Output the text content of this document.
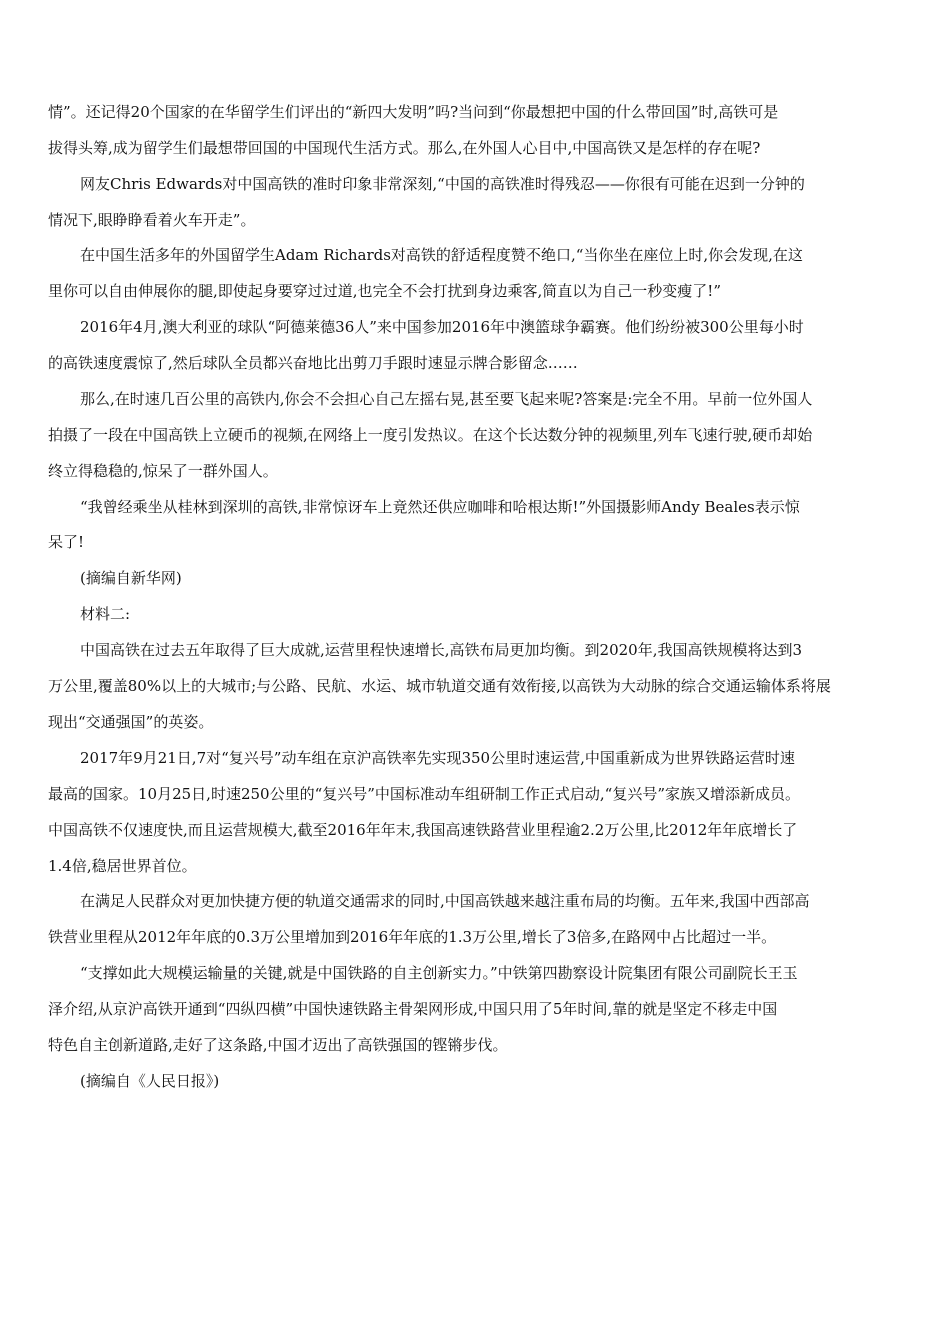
情”。还记得20个国家的在华留学生们评出的“新四大发明”吗?当问到“你最想把中国的什么带回国”时,高铁可是
拔得头筹,成为留学生们最想带回国的中国现代生活方式。那么,在外国人心目中,中国高铁又是怎样的存在呢?
网友Chris Edwards对中国高铁的准时印象非常深刻,“中国的高铁准时得残忍——你很有可能在迟到一分钟的
情况下,眼睁睁看着火车开走”。
在中国生活多年的外国留学生Adam Richards对高铁的舒适程度赞不绝口,“当你坐在座位上时,你会发现,在这
里你可以自由伸展你的腿,即使起身要穿过过道,也完全不会打扰到身边乘客,简直以为自己一秒变瘦了!”
2016年4月,澳大利亚的球队“阿德莱德36人”来中国参加2016年中澳篮球争霸赛。他们纷纷被300公里每小时
的高铁速度震惊了,然后球队全员都兴奋地比出剪刀手跟时速显示牌合影留念……
那么,在时速几百公里的高铁内,你会不会担心自己左摇右晃,甚至要飞起来呢?答案是:完全不用。早前一位外国人
拍摄了一段在中国高铁上立硬币的视频,在网络上一度引发热议。在这个长达数分钟的视频里,列车飞速行驶,硬币却始
终立得稳稳的,惊呆了一群外国人。
“我曾经乘坐从桂林到深圳的高铁,非常惊讶车上竟然还供应咖啡和哈根达斯!”外国摄影师Andy Beales表示惊
呆了!
(摘编自新华网)
材料二:
中国高铁在过去五年取得了巨大成就,运营里程快速增长,高铁布局更加均衡。到2020年,我国高铁规模将达到3
万公里,覆盖80%以上的大城市;与公路、民航、水运、城市轨道交通有效衔接,以高铁为大动脉的综合交通运输体系将展
现出“交通强国”的英姿。
2017年9月21日,7对“复兴号”动车组在京沪高铁率先实现350公里时速运营,中国重新成为世界铁路运营时速
最高的国家。10月25日,时速250公里的“复兴号”中国标准动车组研制工作正式启动,“复兴号”家族又增添新成员。
中国高铁不仅速度快,而且运营规模大,截至2016年年末,我国高速铁路营业里程逾2.2万公里,比2012年年底增长了
1.4倍,稳居世界首位。
在满足人民群众对更加快捷方便的轨道交通需求的同时,中国高铁越来越注重布局的均衡。五年来,我国中西部高
铁营业里程从2012年年底的0.3万公里增加到2016年年底的1.3万公里,增长了3倍多,在路网中占比超过一半。
“支撑如此大规模运输量的关键,就是中国铁路的自主创新实力。”中铁第四勘察设计院集团有限公司副院长王玉
泽介绍,从京沪高铁开通到“四纵四横”中国快速铁路主骨架网形成,中国只用了5年时间,靠的就是坚定不移走中国
特色自主创新道路,走好了这条路,中国才迈出了高铁强国的铿锵步伐。
(摘编自《人民日报》)
